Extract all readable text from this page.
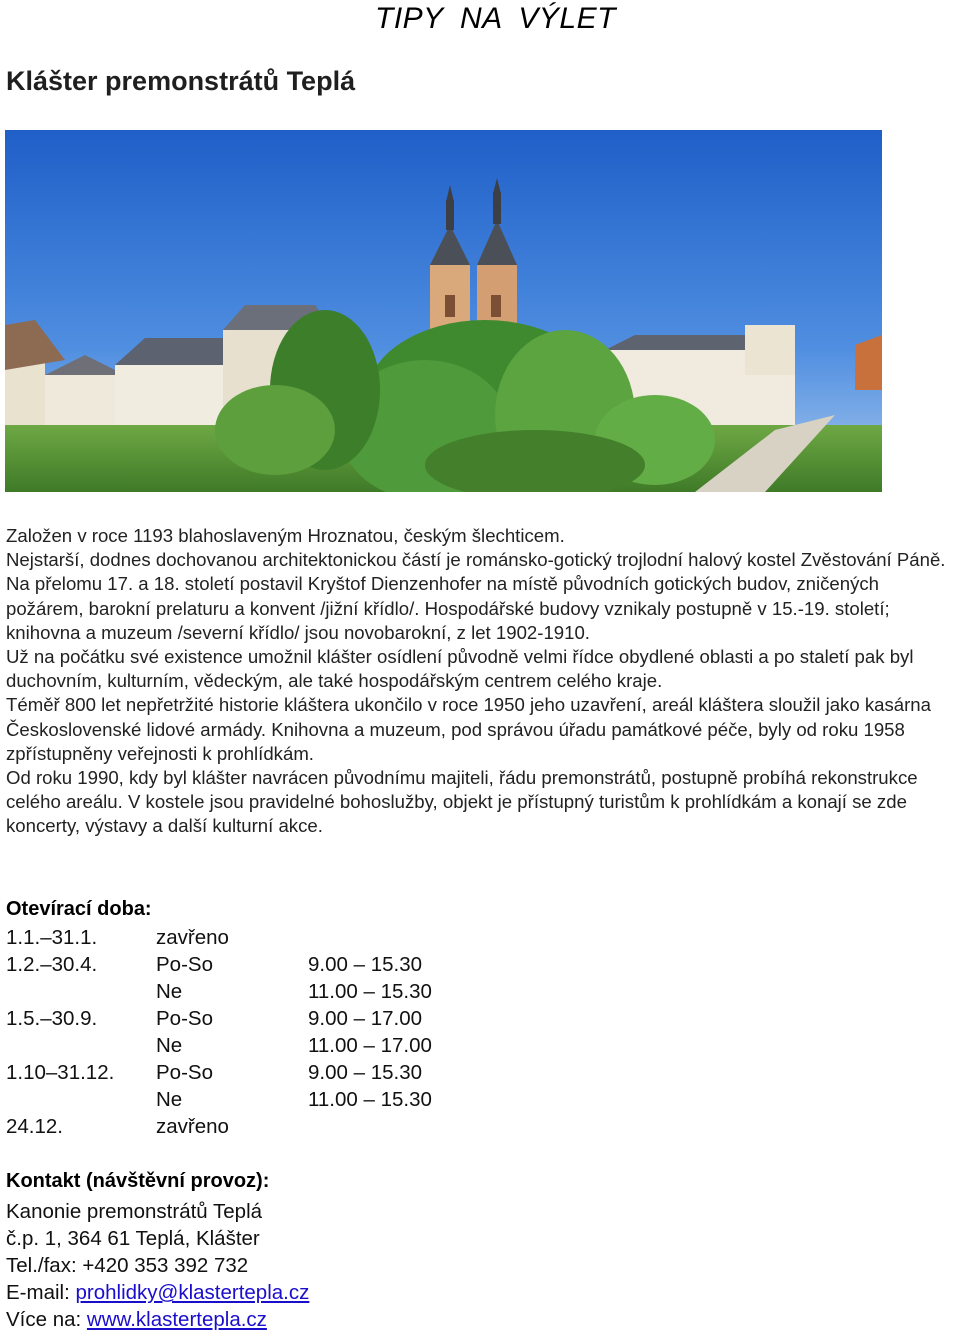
TIPY NA VÝLET
Klášter premonstrátů Teplá

Založen v roce 1193 blahoslaveným Hroznatou, českým šlechticem.

Nejstarší, dodnes dochovanou architektonickou částí je románsko-gotický trojlodní halový kostel Zvěstování Páně. Na přelomu 17. a 18. století postavil Kryštof Dienzenhofer na místě původních gotických budov, zničených požárem, barokní prelaturu a konvent /jižní křídlo/. Hospodářské budovy vznikaly postupně v 15.-19. století; knihovna a muzeum /severní křídlo/ jsou novobarokní, z let 1902-1910.

Už na počátku své existence umožnil klášter osídlení původně velmi řídce obydlené oblasti a po staletí pak byl duchovním, kulturním, vědeckým, ale také hospodářským centrem celého kraje.

Téměř 800 let nepřetržité historie kláštera ukončilo v roce 1950 jeho uzavření, areál kláštera sloužil jako kasárna Československé lidové armády. Knihovna a muzeum, pod správou úřadu památkové péče, byly od roku 1958 zpřístupněny veřejnosti k prohlídkám.

Od roku 1990, kdy byl klášter navrácen původnímu majiteli, řádu premonstrátů, postupně probíhá rekonstrukce celého areálu. V kostele jsou pravidelné bohoslužby, objekt je přístupný turistům k prohlídkám a konají se zde koncerty, výstavy a další kulturní akce.

Otevírací doba:
1.1.–31.1.	zavřeno
1.2.–30.4.	Po-So	9.00 – 15.30
Ne	11.00 – 15.30
1.5.–30.9.	Po-So	9.00 – 17.00
Ne	11.00 – 17.00
1.10–31.12. Po-So	9.00 – 15.30
Ne	11.00 – 15.30
24.12.	zavřeno
Kontakt (návštěvní provoz):
Kanonie premonstrátů Teplá
č.p. 1, 364 61 Teplá, Klášter
Tel./fax: +420 353 392 732
E-mail: prohlidky@klastertepla.cz
Více na: www.klastertepla.cz
